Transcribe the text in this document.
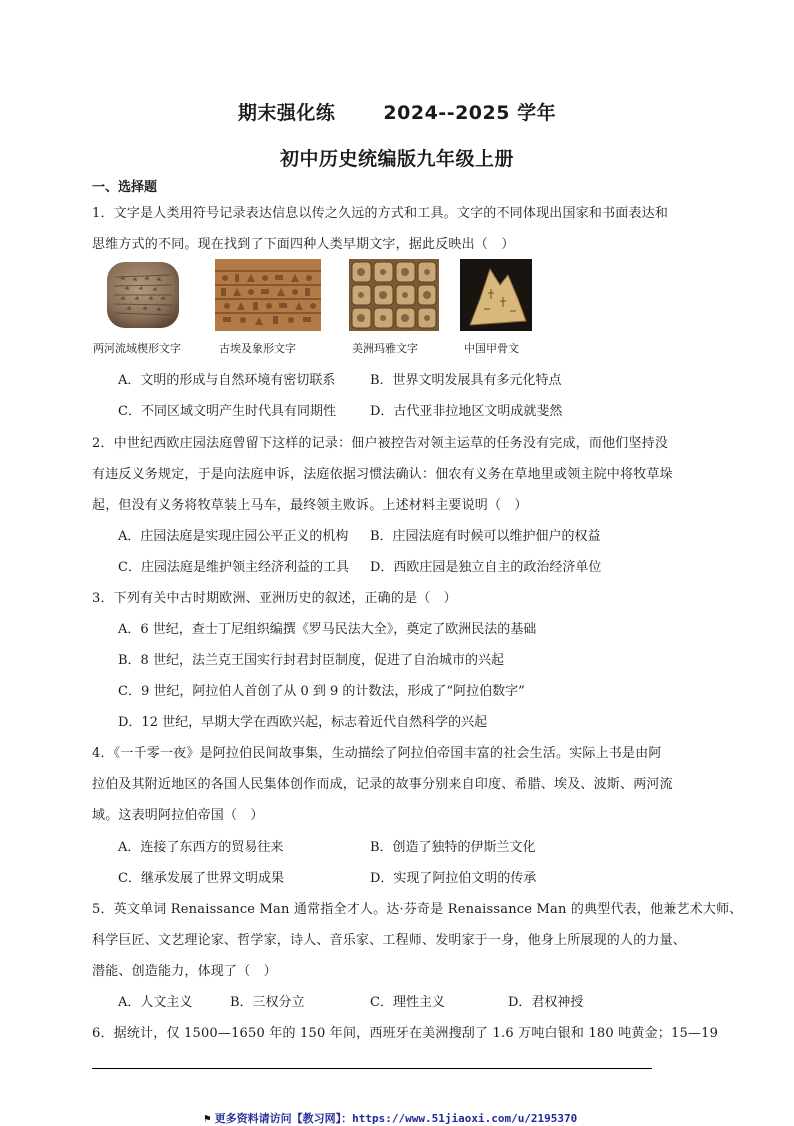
期末强化练	2024--2025 学年
初中历史统编版九年级上册
一、选择题
1．文字是人类用符号记录表达信息以传之久远的方式和工具。文字的不同体现出国家和书面表达和
思维方式的不同。现在找到了下面四种人类早期文字，据此反映出（　）
两河流域楔形文字	古埃及象形文字	美洲玛雅文字	中国甲骨文
A．文明的形成与自然环境有密切联系	B．世界文明发展具有多元化特点
C．不同区域文明产生时代具有同期性	D．古代亚非拉地区文明成就斐然
2．中世纪西欧庄园法庭曾留下这样的记录：佃户被控告对领主运草的任务没有完成，而他们坚持没
有违反义务规定，于是向法庭申诉，法庭依据习惯法确认：佃农有义务在草地里或领主院中将牧草垛
起，但没有义务将牧草装上马车，最终领主败诉。上述材料主要说明（　）
A．庄园法庭是实现庄园公平正义的机构 B．庄园法庭有时候可以维护佃户的权益
C．庄园法庭是维护领主经济利益的工具 D．西欧庄园是独立自主的政治经济单位
3．下列有关中古时期欧洲、亚洲历史的叙述，正确的是（　）
A．6 世纪，查士丁尼组织编撰《罗马民法大全》，奠定了欧洲民法的基础
B．8 世纪，法兰克王国实行封君封臣制度，促进了自治城市的兴起
C．9 世纪，阿拉伯人首创了从 0 到 9 的计数法，形成了“阿拉伯数字”
D．12 世纪，早期大学在西欧兴起，标志着近代自然科学的兴起
4．《一千零一夜》是阿拉伯民间故事集，生动描绘了阿拉伯帝国丰富的社会生活。实际上书是由阿
拉伯及其附近地区的各国人民集体创作而成，记录的故事分别来自印度、希腊、埃及、波斯、两河流
域。这表明阿拉伯帝国（　）
A．连接了东西方的贸易往来	B．创造了独特的伊斯兰文化
C．继承发展了世界文明成果	D．实现了阿拉伯文明的传承
5．英文单词 Renaissance Man 通常指全才人。达·芬奇是 Renaissance Man 的典型代表，他兼艺术大师、
科学巨匠、文艺理论家、哲学家，诗人、音乐家、工程师、发明家于一身，他身上所展现的人的力量、
潜能、创造能力，体现了（　）
A．人文主义	B．三权分立	C．理性主义	D．君权神授
6．据统计，仅 1500—1650 年的 150 年间，西班牙在美洲搜刮了 1.6 万吨白银和 180 吨黄金；15—19
⚑ 更多资料请访问【教习网】：https://www.51jiaoxi.com/u/2195370
